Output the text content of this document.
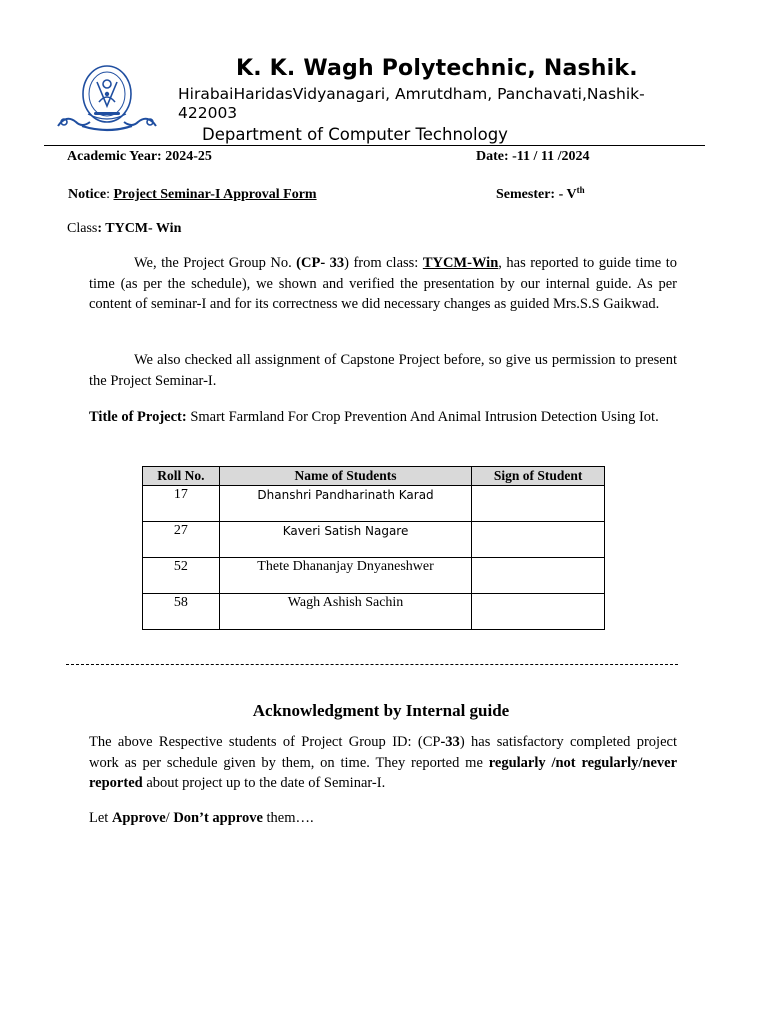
K. K. Wagh Polytechnic, Nashik.
HirabaiHaridasVidyanagari, Amrutdham, Panchavati,Nashik-422003
Department of Computer Technology
Academic Year: 2024-25	Date: -11 / 11 /2024
Notice: Project Seminar-I Approval Form	Semester: - Vth
Class: TYCM- Win
We, the Project Group No. (CP- 33) from class: TYCM-Win, has reported to guide time to time (as per the schedule), we shown and verified the presentation by our internal guide. As per content of seminar-I and for its correctness we did necessary changes as guided Mrs.S.S Gaikwad.
We also checked all assignment of Capstone Project before, so give us permission to present the Project Seminar-I.
Title of Project: Smart Farmland For Crop Prevention And Animal Intrusion Detection Using Iot.
Roll No.	Name of Students	Sign of Student
17	Dhanshri Pandharinath Karad	
27	Kaveri Satish Nagare	
52	Thete Dhananjay Dnyaneshwer	
58	Wagh Ashish Sachin	
Acknowledgment by Internal guide
The above Respective students of Project Group ID: (CP-33) has satisfactory completed project work as per schedule given by them, on time. They reported me regularly /not regularly/never reported about project up to the date of Seminar-I.
Let Approve/ Don’t approve them….
